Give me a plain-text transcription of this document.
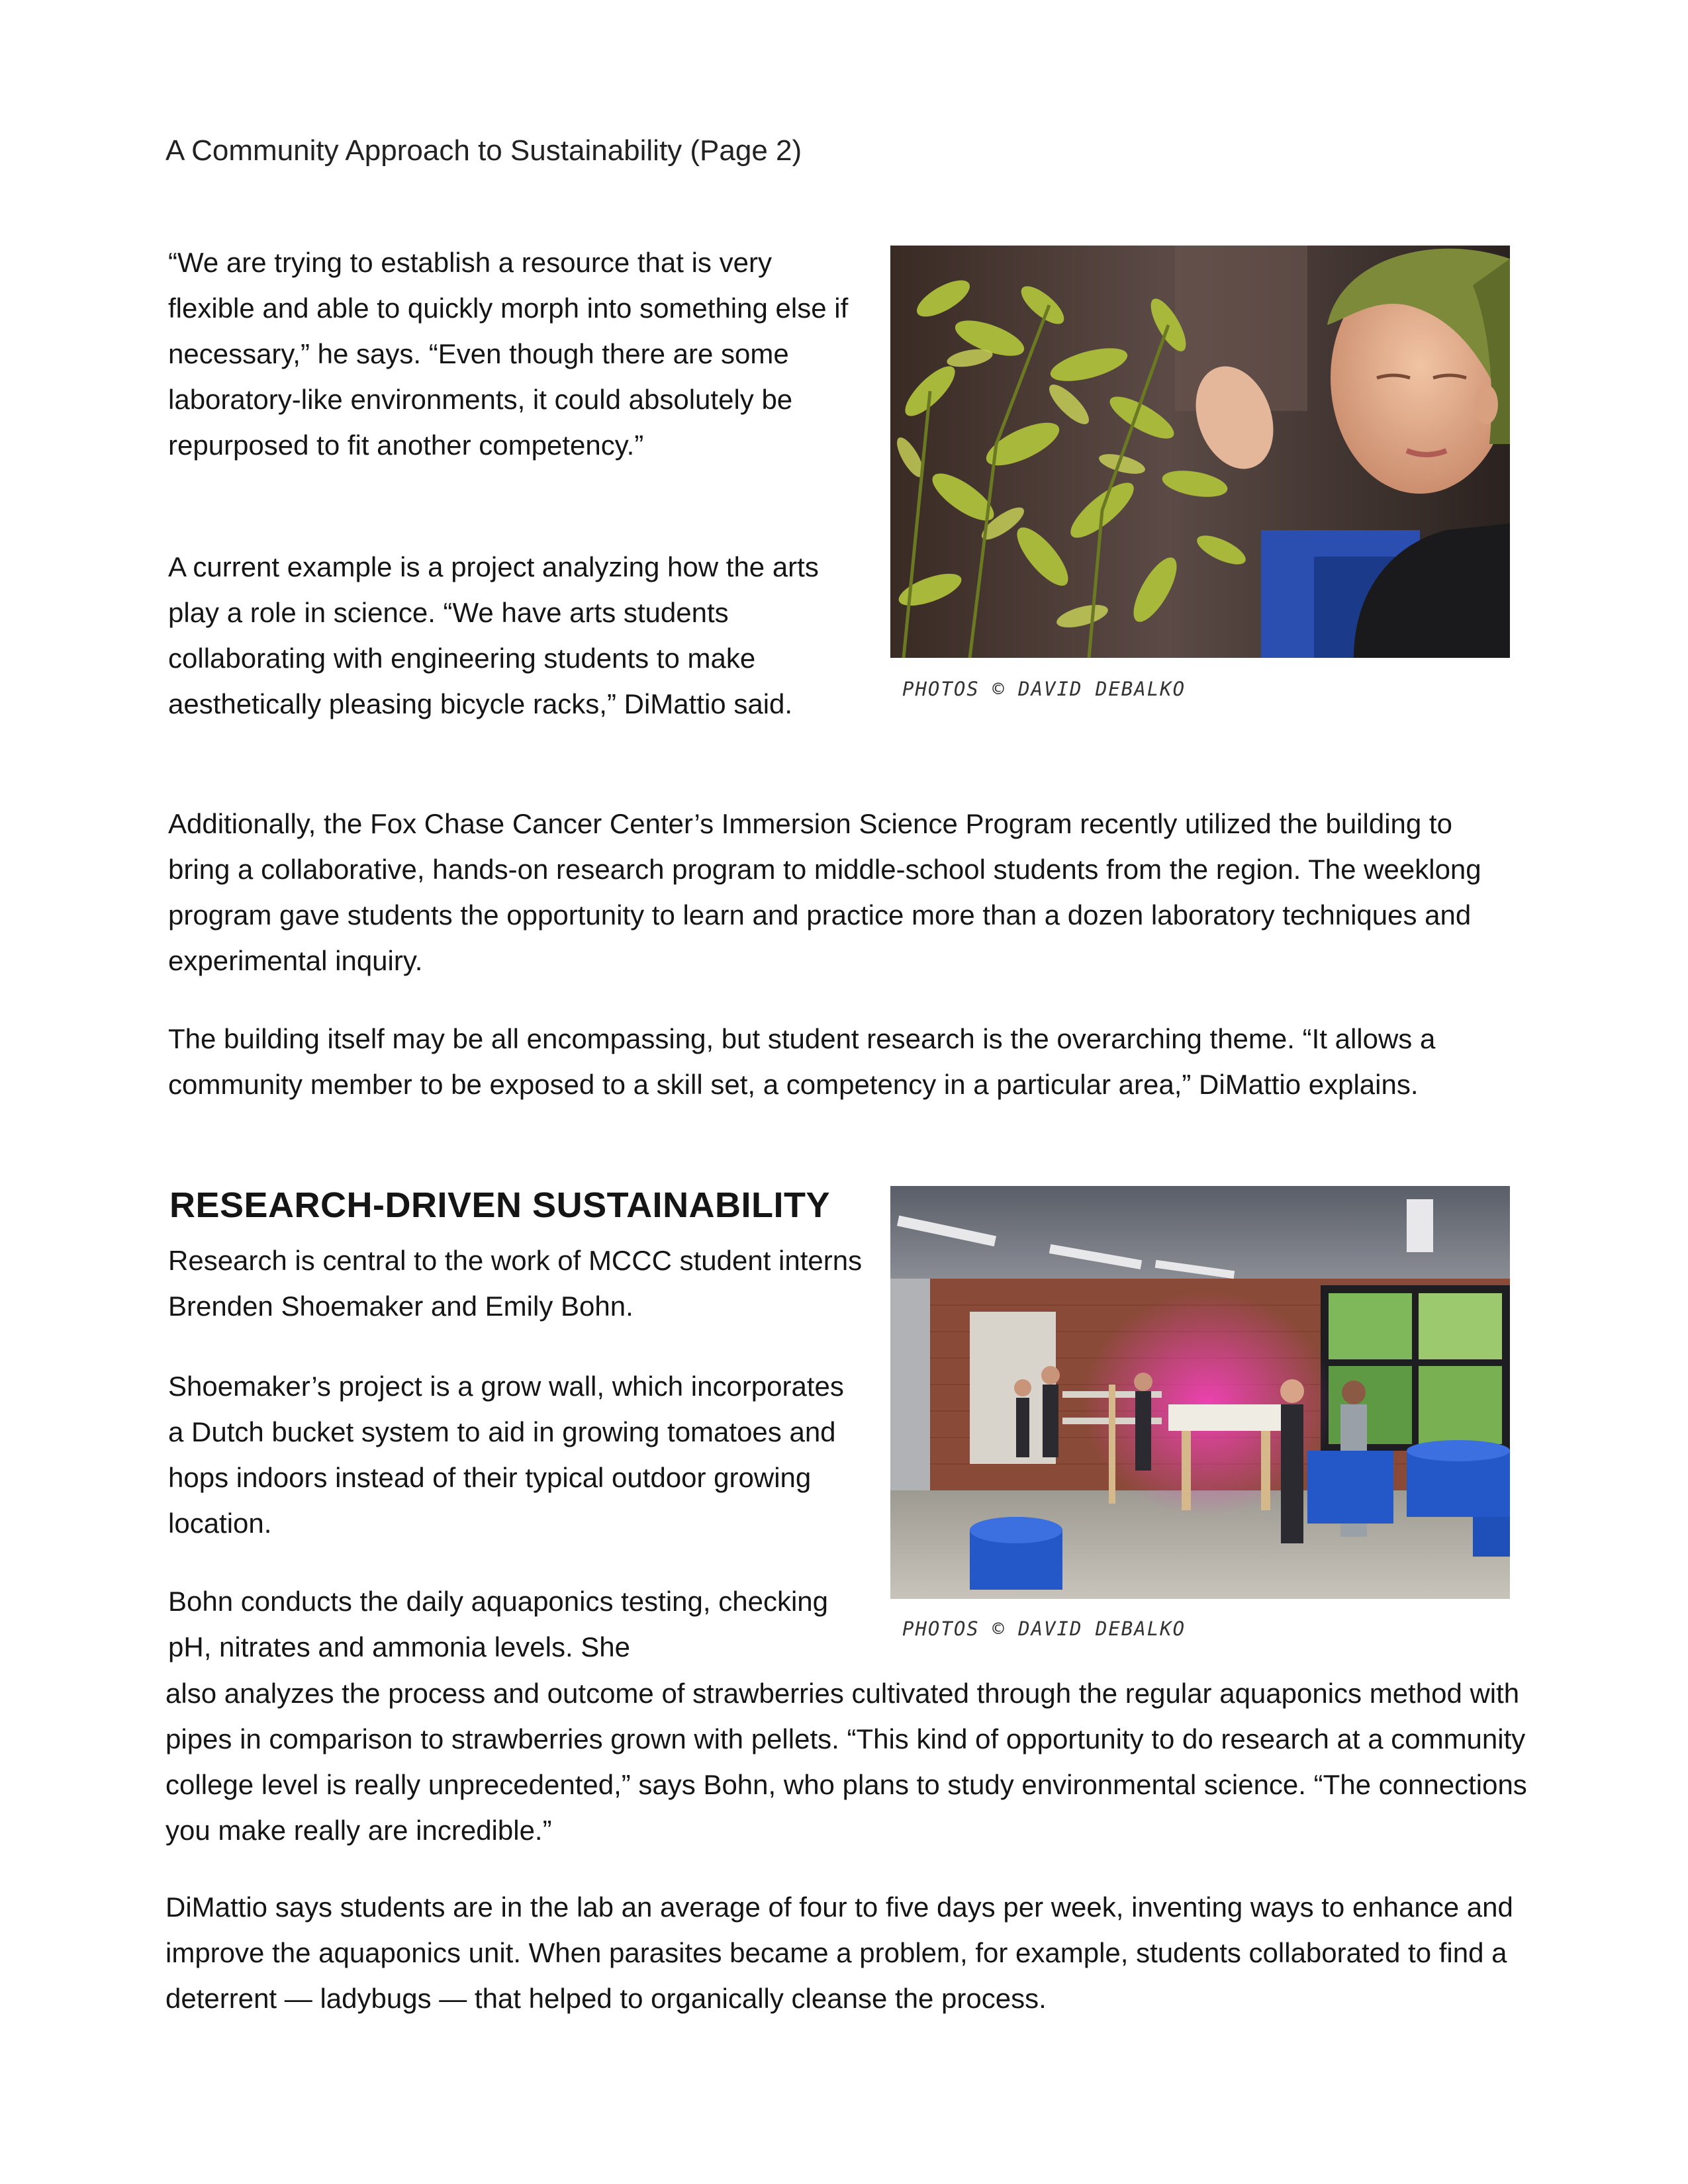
A Community Approach to Sustainability (Page 2)

“We are trying to establish a resource that is very flexible and able to quickly morph into something else if necessary,” he says. “Even though there are some laboratory-like environments, it could absolutely be repurposed to fit another competency.”

A current example is a project analyzing how the arts play a role in science. “We have arts students collaborating with engineering students to make aesthetically pleasing bicycle racks,” DiMattio said.	PHOTOS © DAVID DEBALKO

Additionally, the Fox Chase Cancer Center’s Immersion Science Program recently utilized the building to bring a collaborative, hands-on research program to middle-school students from the region. The weeklong program gave students the opportunity to learn and practice more than a dozen laboratory techniques and experimental inquiry.

The building itself may be all encompassing, but student research is the overarching theme. “It allows a community member to be exposed to a skill set, a competency in a particular area,” DiMattio explains.

RESEARCH-DRIVEN SUSTAINABILITY

Research is central to the work of MCCC student interns Brenden Shoemaker and Emily Bohn.

Shoemaker’s project is a grow wall, which incorporates a Dutch bucket system to aid in growing tomatoes and hops indoors instead of their typical outdoor growing location.

Bohn conducts the daily aquaponics testing, checking pH, nitrates and ammonia levels. She

also analyzes the process and outcome of strawberries cultivated through the regular aquaponics method with pipes in comparison to strawberries grown with pellets. “This kind of opportunity to do research at a community college level is really unprecedented,” says Bohn, who plans to study environmental science. “The connections you make really are incredible.”

PHOTOS © DAVID DEBALKO

DiMattio says students are in the lab an average of four to five days per week, inventing ways to enhance and improve the aquaponics unit. When parasites became a problem, for example, students collaborated to find a deterrent — ladybugs — that helped to organically cleanse the process.
